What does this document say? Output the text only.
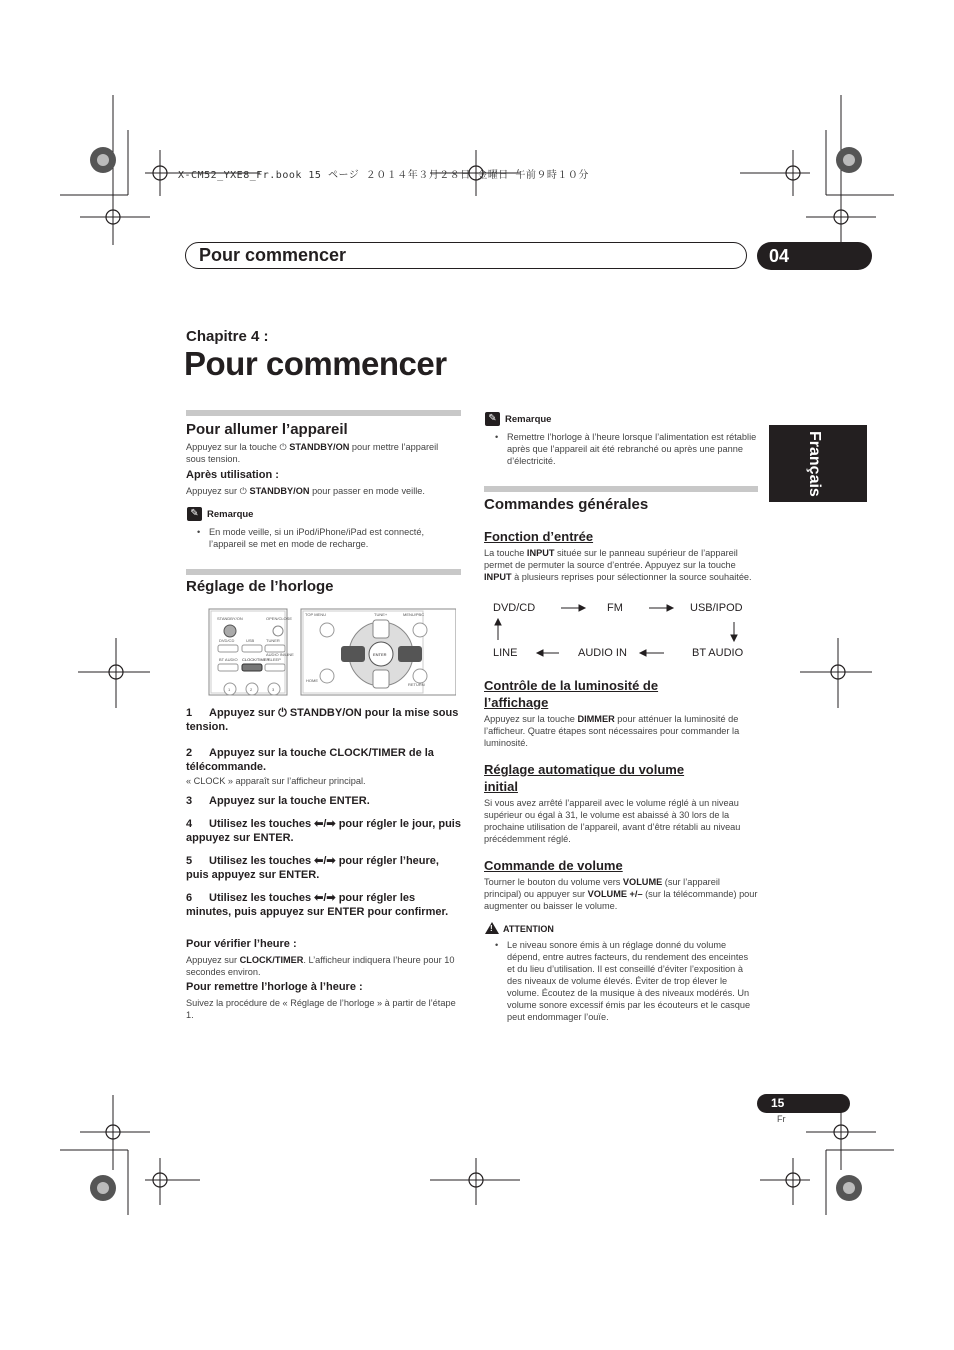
X-CM52_YXE8_Fr.book 15 ページ ２０１４年３月２８日 金曜日 午前９時１０分
Pour commencer	04
Chapitre 4 :
Pour commencer
Français
Pour allumer l’appareil
Appuyez sur la touche ⏻ STANDBY/ON pour mettre l’appareil sous tension.
Après utilisation :
Appuyez sur ⏻ STANDBY/ON pour passer en mode veille.
✎ Remarque
• En mode veille, si un iPod/iPhone/iPad est connecté, l’appareil se met en mode de recharge.
Réglage de l’horloge
STANDBY/ON	OPEN/CLOSE
DVD/CD	USB	TUNER
AUDIO IN/LINE
BT AUDIO CLOCK/TIMER
SLEEP
1	2	3
TOP MENU	TUNE+	MENU/PBC
ENTER
HOME
RETURN
1 Appuyez sur ⏻ STANDBY/ON pour la mise sous tension.
2 Appuyez sur la touche CLOCK/TIMER de la télécommande.
« CLOCK » apparaît sur l’afficheur principal.
3 Appuyez sur la touche ENTER.
4 Utilisez les touches ⬅/➡ pour régler le jour, puis appuyez sur ENTER.
5 Utilisez les touches ⬅/➡ pour régler l’heure, puis appuyez sur ENTER.
6 Utilisez les touches ⬅/➡ pour régler les minutes, puis appuyez sur ENTER pour confirmer.
Pour vérifier l’heure :
Appuyez sur CLOCK/TIMER. L’afficheur indiquera l’heure pour 10 secondes environ.
Pour remettre l’horloge à l’heure :
Suivez la procédure de « Réglage de l’horloge » à partir de l’étape 1.
✎ Remarque
• Remettre l’horloge à l’heure lorsque l’alimentation est rétablie après que l’appareil ait été rebranché ou après une panne d’électricité.
Commandes générales
Fonction d’entrée
La touche INPUT située sur le panneau supérieur de l’appareil permet de permuter la source d’entrée. Appuyez sur la touche INPUT à plusieurs reprises pour sélectionner la source souhaitée.
DVD/CD	FM	USB/IPOD
BT AUDIO
AUDIO IN
LINE
Contrôle de la luminosité de
l’affichage
Appuyez sur la touche DIMMER pour atténuer la luminosité de l’afficheur. Quatre étapes sont nécessaires pour commander la luminosité.
Réglage automatique du volume
initial
Si vous avez arrêté l’appareil avec le volume réglé à un niveau supérieur ou égal à 31, le volume est abaissé à 30 lors de la prochaine utilisation de l’appareil, avant d’être rétabli au niveau précédemment réglé.
Commande de volume
Tourner le bouton du volume vers VOLUME (sur l’appareil principal) ou appuyer sur VOLUME +/– (sur la télécommande) pour augmenter ou baisser le volume.
! ATTENTION
• Le niveau sonore émis à un réglage donné du volume dépend, entre autres facteurs, du rendement des enceintes et du lieu d’utilisation. Il est conseillé d’éviter l’exposition à des niveaux de volume élevés. Éviter de trop élever le volume. Écoutez de la musique à des niveaux modérés. Un volume sonore excessif émis par les écouteurs et le casque peut endommager l’ouïe.
15
Fr
